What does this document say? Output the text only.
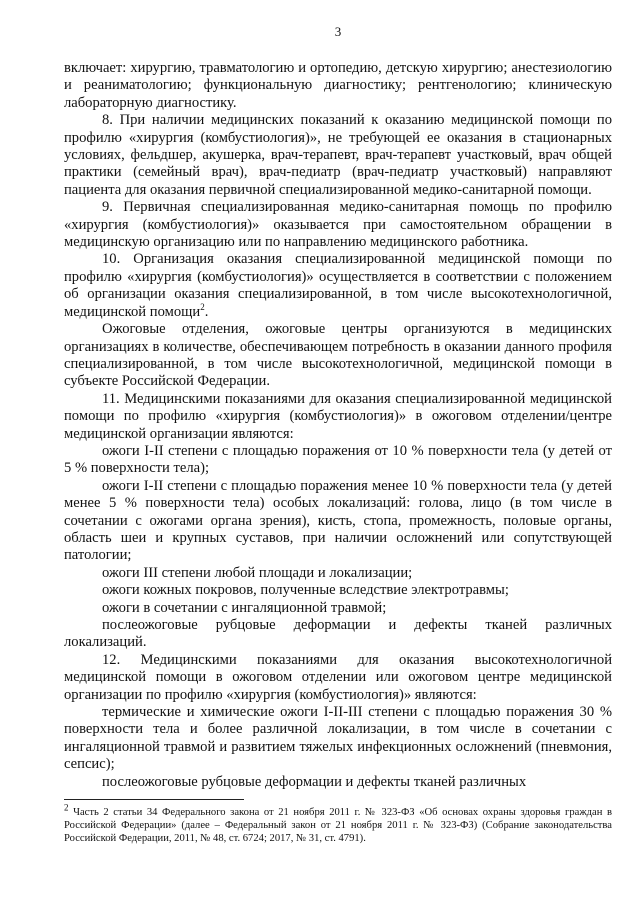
3

включает: хирургию, травматологию и ортопедию, детскую хирургию; анестезиологию и реаниматологию; функциональную диагностику; рентгенологию; клиническую лабораторную диагностику.

8. При наличии медицинских показаний к оказанию медицинской помощи по профилю «хирургия (комбустиология)», не требующей ее оказания в стационарных условиях, фельдшер, акушерка, врач-терапевт, врач-терапевт участковый, врач общей практики (семейный врач), врач-педиатр (врач-педиатр участковый) направляют пациента для оказания первичной специализированной медико-санитарной помощи.

9. Первичная специализированная медико-санитарная помощь по профилю «хирургия (комбустиология)» оказывается при самостоятельном обращении в медицинскую организацию или по направлению медицинского работника.

10. Организация оказания специализированной медицинской помощи по профилю «хирургия (комбустиология)» осуществляется в соответствии с положением об организации оказания специализированной, в том числе высокотехнологичной, медицинской помощи$^2$.

Ожоговые отделения, ожоговые центры организуются в медицинских организациях в количестве, обеспечивающем потребность в оказании данного профиля специализированной, в том числе высокотехнологичной, медицинской помощи в субъекте Российской Федерации.

11. Медицинскими показаниями для оказания специализированной медицинской помощи по профилю «хирургия (комбустиология)» в ожоговом отделении/центре медицинской организации являются:

ожоги I-II степени с площадью поражения от 10 % поверхности тела (у детей от 5 % поверхности тела);

ожоги I-II степени с площадью поражения менее 10 % поверхности тела (у детей менее 5 % поверхности тела) особых локализаций: голова, лицо (в том числе в сочетании с ожогами органа зрения), кисть, стопа, промежность, половые органы, область шеи и крупных суставов, при наличии осложнений или сопутствующей патологии;

ожоги III степени любой площади и локализации;

ожоги кожных покровов, полученные вследствие электротравмы;

ожоги в сочетании с ингаляционной травмой;

послеожоговые рубцовые деформации и дефекты тканей различных локализаций.

12. Медицинскими показаниями для оказания высокотехнологичной медицинской помощи в ожоговом отделении или ожоговом центре медицинской организации по профилю «хирургия (комбустиология)» являются:

термические и химические ожоги I-II-III степени с площадью поражения 30 % поверхности тела и более различной локализации, в том числе в сочетании с ингаляционной травмой и развитием тяжелых инфекционных осложнений (пневмония, сепсис);

послеожоговые рубцовые деформации и дефекты тканей различных

$^2$ Часть 2 статьи 34 Федерального закона от 21 ноября 2011 г. № 323-ФЗ «Об основах охраны здоровья граждан в Российской Федерации» (далее – Федеральный закон от 21 ноября 2011 г. № 323-ФЗ) (Собрание законодательства Российской Федерации, 2011, № 48, ст. 6724; 2017, № 31, ст. 4791).
